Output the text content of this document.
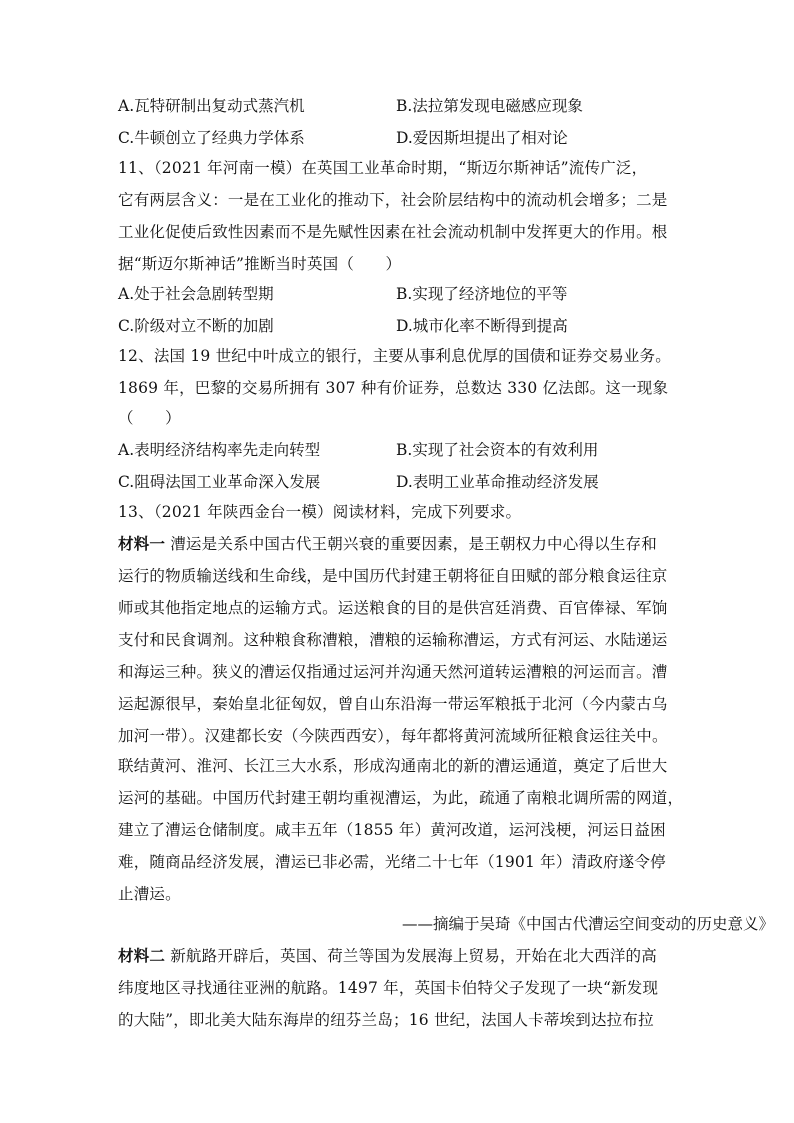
A.瓦特研制出复动式蒸汽机	B.法拉第发现电磁感应现象
C.牛顿创立了经典力学体系	D.爱因斯坦提出了相对论
11、（2021 年河南一模）在英国工业革命时期，“斯迈尔斯神话”流传广泛，
它有两层含义：一是在工业化的推动下，社会阶层结构中的流动机会增多；二是
工业化促使后致性因素而不是先赋性因素在社会流动机制中发挥更大的作用。根
据“斯迈尔斯神话”推断当时英国（　　）
A.处于社会急剧转型期	B.实现了经济地位的平等
C.阶级对立不断的加剧	D.城市化率不断得到提高
12、法国 19 世纪中叶成立的银行，主要从事利息优厚的国债和证券交易业务。
1869 年，巴黎的交易所拥有 307 种有价证券，总数达 330 亿法郎。这一现象
（　　）
A.表明经济结构率先走向转型	B.实现了社会资本的有效利用
C.阻碍法国工业革命深入发展	D.表明工业革命推动经济发展
13、（2021 年陕西金台一模）阅读材料，完成下列要求。
材料一 漕运是关系中国古代王朝兴衰的重要因素，是王朝权力中心得以生存和
运行的物质输送线和生命线，是中国历代封建王朝将征自田赋的部分粮食运往京
师或其他指定地点的运输方式。运送粮食的目的是供宫廷消费、百官俸禄、军饷
支付和民食调剂。这种粮食称漕粮，漕粮的运输称漕运，方式有河运、水陆递运
和海运三种。狭义的漕运仅指通过运河并沟通天然河道转运漕粮的河运而言。漕
运起源很早，秦始皇北征匈奴，曾自山东沿海一带运军粮抵于北河（今内蒙古乌
加河一带）。汉建都长安（今陕西西安），每年都将黄河流域所征粮食运往关中。
联结黄河、淮河、长江三大水系，形成沟通南北的新的漕运通道，奠定了后世大
运河的基础。中国历代封建王朝均重视漕运，为此，疏通了南粮北调所需的网道，
建立了漕运仓储制度。咸丰五年（1855 年）黄河改道，运河浅梗，河运日益困
难，随商品经济发展，漕运已非必需，光绪二十七年（1901 年）清政府遂令停
止漕运。
——摘编于吴琦《中国古代漕运空间变动的历史意义》
材料二 新航路开辟后，英国、荷兰等国为发展海上贸易，开始在北大西洋的高
纬度地区寻找通往亚洲的航路。1497 年，英国卡伯特父子发现了一块“新发现
的大陆”，即北美大陆东海岸的纽芬兰岛；16 世纪，法国人卡蒂埃到达拉布拉
